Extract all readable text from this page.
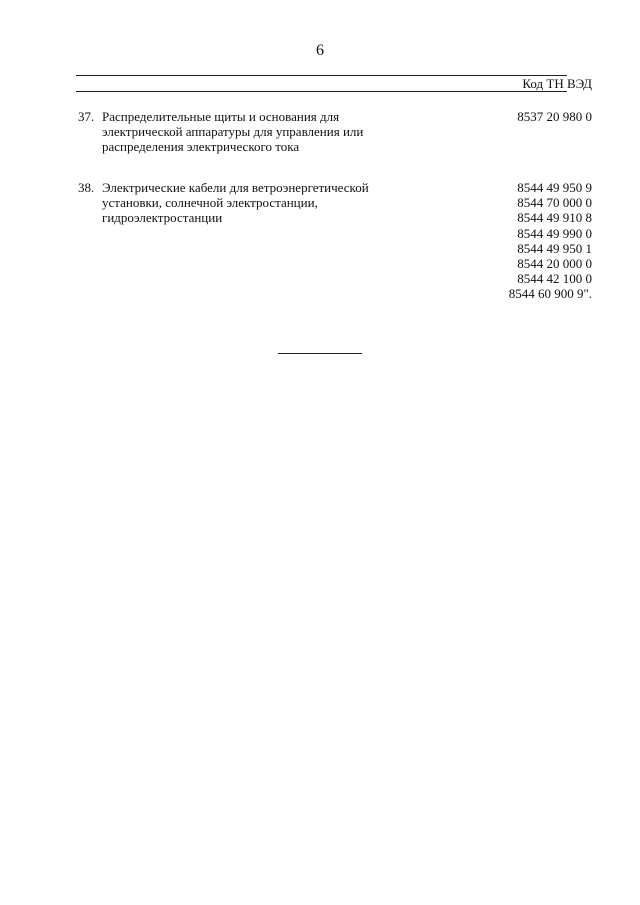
6
Код ТН ВЭД
37. Распределительные щиты и основания для
электрической аппаратуры для управления или
распределения электрического тока
8537 20 980 0
38. Электрические кабели для ветроэнергетической
установки, солнечной электростанции,
гидроэлектростанции
8544 49 950 9
8544 70 000 0
8544 49 910 8
8544 49 990 0
8544 49 950 1
8544 20 000 0
8544 42 100 0
8544 60 900 9".
